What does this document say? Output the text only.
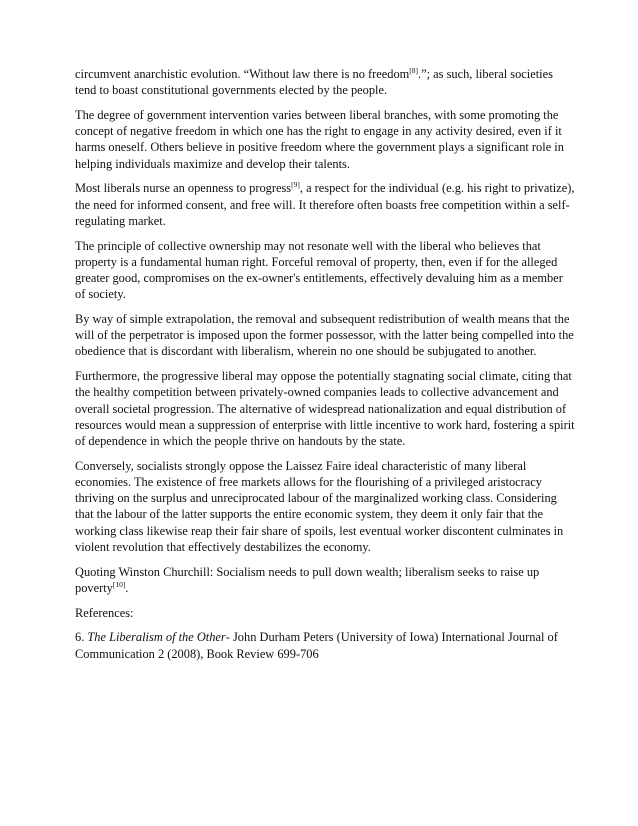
circumvent anarchistic evolution. “Without law there is no freedom[8].”; as such, liberal societies tend to boast constitutional governments elected by the people.

The degree of government intervention varies between liberal branches, with some promoting the concept of negative freedom in which one has the right to engage in any activity desired, even if it harms oneself. Others believe in positive freedom where the government plays a significant role in helping individuals maximize and develop their talents.

Most liberals nurse an openness to progress[9], a respect for the individual (e.g. his right to privatize), the need for informed consent, and free will. It therefore often boasts free competition within a self-regulating market.

The principle of collective ownership may not resonate well with the liberal who believes that property is a fundamental human right. Forceful removal of property, then, even if for the alleged greater good, compromises on the ex-owner's entitlements, effectively devaluing him as a member of society.

By way of simple extrapolation, the removal and subsequent redistribution of wealth means that the will of the perpetrator is imposed upon the former possessor, with the latter being compelled into the obedience that is discordant with liberalism, wherein no one should be subjugated to another.

Furthermore, the progressive liberal may oppose the potentially stagnating social climate, citing that the healthy competition between privately-owned companies leads to collective advancement and overall societal progression. The alternative of widespread nationalization and equal distribution of resources would mean a suppression of enterprise with little incentive to work hard, fostering a spirit of dependence in which the people thrive on handouts by the state.

Conversely, socialists strongly oppose the Laissez Faire ideal characteristic of many liberal economies. The existence of free markets allows for the flourishing of a privileged aristocracy thriving on the surplus and unreciprocated labour of the marginalized working class. Considering that the labour of the latter supports the entire economic system, they deem it only fair that the working class likewise reap their fair share of spoils, lest eventual worker discontent culminates in violent revolution that effectively destabilizes the economy.

Quoting Winston Churchill: Socialism needs to pull down wealth; liberalism seeks to raise up poverty[10].

References:

6. The Liberalism of the Other- John Durham Peters (University of Iowa) International Journal of Communication 2 (2008), Book Review 699-706
